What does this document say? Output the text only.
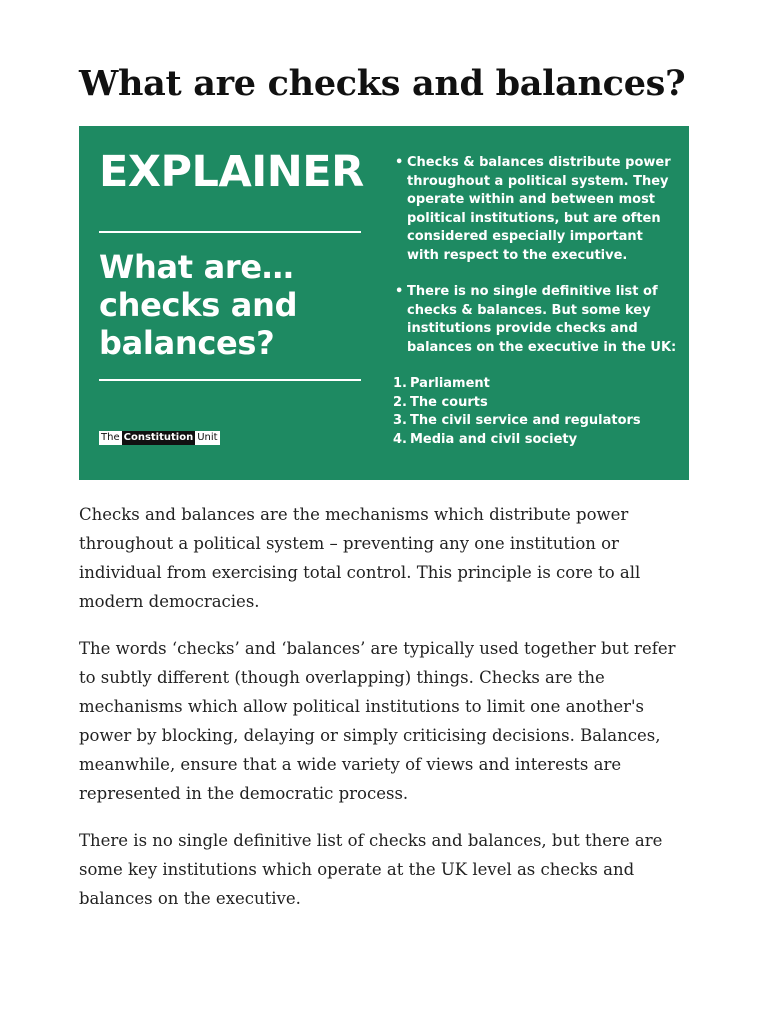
What are checks and balances?
EXPLAINER
What are…
checks and
balances?
The Constitution Unit
• Checks & balances distribute power throughout a political system. They operate within and between most political institutions, but are often considered especially important with respect to the executive.
• There is no single definitive list of checks & balances. But some key institutions provide checks and balances on the executive in the UK:
1. Parliament
2. The courts
3. The civil service and regulators
4. Media and civil society

Checks and balances are the mechanisms which distribute power throughout a political system – preventing any one institution or individual from exercising total control. This principle is core to all modern democracies.

The words ‘checks’ and ‘balances’ are typically used together but refer to subtly different (though overlapping) things. Checks are the mechanisms which allow political institutions to limit one another's power by blocking, delaying or simply criticising decisions. Balances, meanwhile, ensure that a wide variety of views and interests are represented in the democratic process.

There is no single definitive list of checks and balances, but there are some key institutions which operate at the UK level as checks and balances on the executive.
